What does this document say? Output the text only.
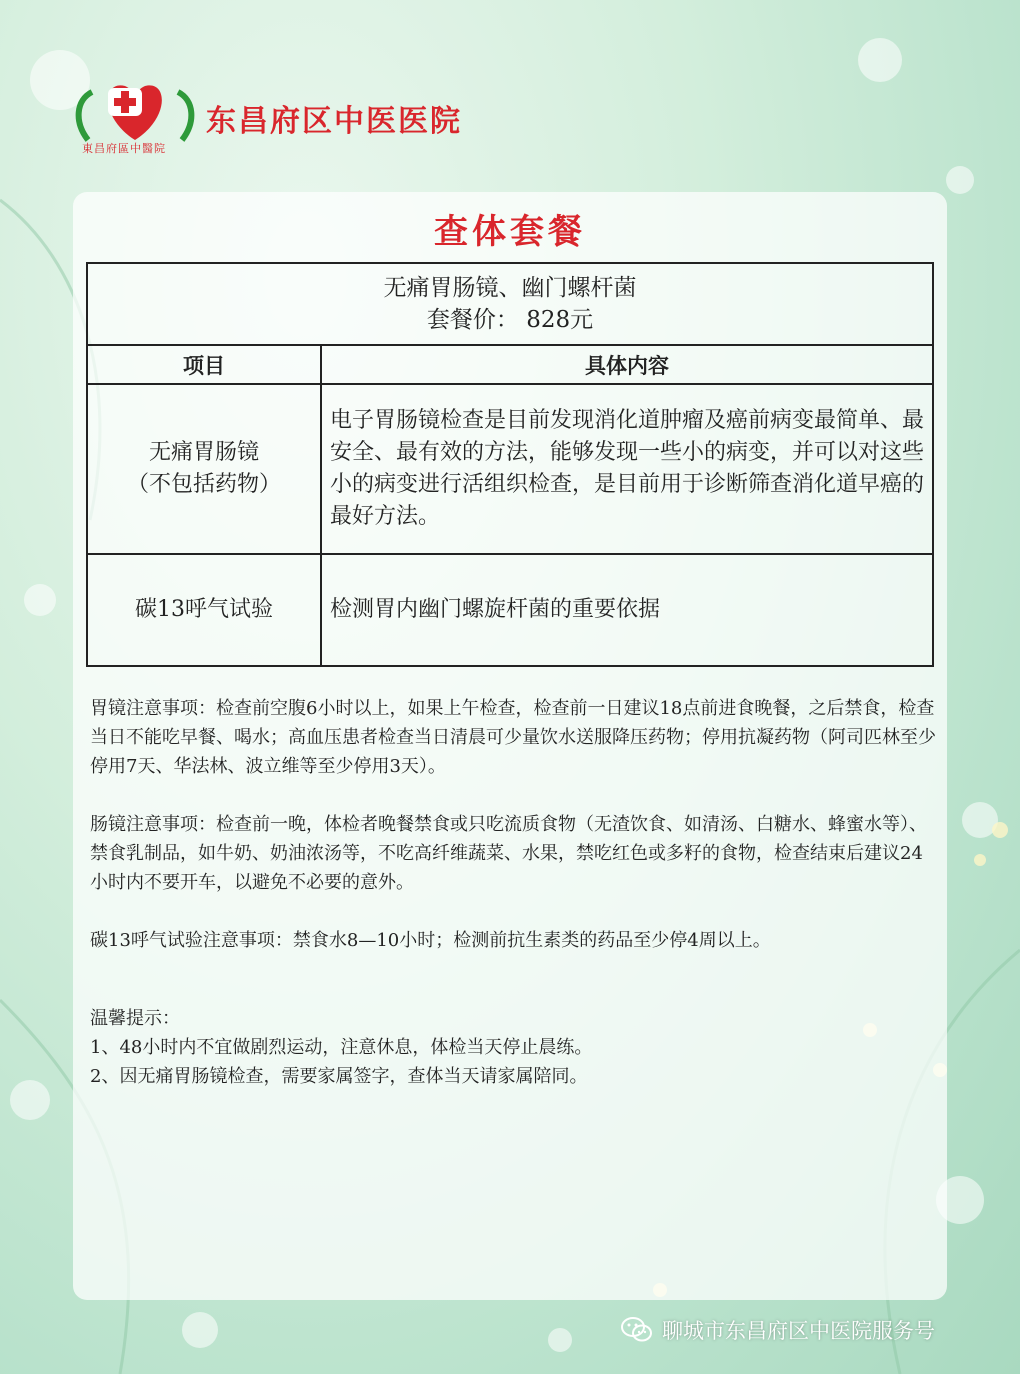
東昌府區中醫院
东昌府区中医医院
查体套餐
无痛胃肠镜、幽门螺杆菌
套餐价： 828元	

项目	具体内容

无痛胃肠镜
（不包括药物）	电子胃肠镜检查是目前发现消化道肿瘤及癌前病变最简单、最安全、最有效的方法，能够发现一些小的病变，并可以对这些小的病变进行活组织检查，是目前用于诊断筛查消化道早癌的最好方法。

碳13呼气试验	检测胃内幽门螺旋杆菌的重要依据

胃镜注意事项：检查前空腹6小时以上，如果上午检查，检查前一日建议18点前进食晚餐，之后禁食，检查当日不能吃早餐、喝水；高血压患者检查当日清晨可少量饮水送服降压药物；停用抗凝药物（阿司匹林至少停用7天、华法林、波立维等至少停用3天）。

肠镜注意事项：检查前一晚，体检者晚餐禁食或只吃流质食物（无渣饮食、如清汤、白糖水、蜂蜜水等）、禁食乳制品，如牛奶、奶油浓汤等，不吃高纤维蔬菜、水果，禁吃红色或多籽的食物，检查结束后建议24小时内不要开车，以避免不必要的意外。

碳13呼气试验注意事项：禁食水8—10小时；检测前抗生素类的药品至少停4周以上。

温馨提示：

1、48小时内不宜做剧烈运动，注意休息，体检当天停止晨练。

2、因无痛胃肠镜检查，需要家属签字，查体当天请家属陪同。

聊城市东昌府区中医院服务号
